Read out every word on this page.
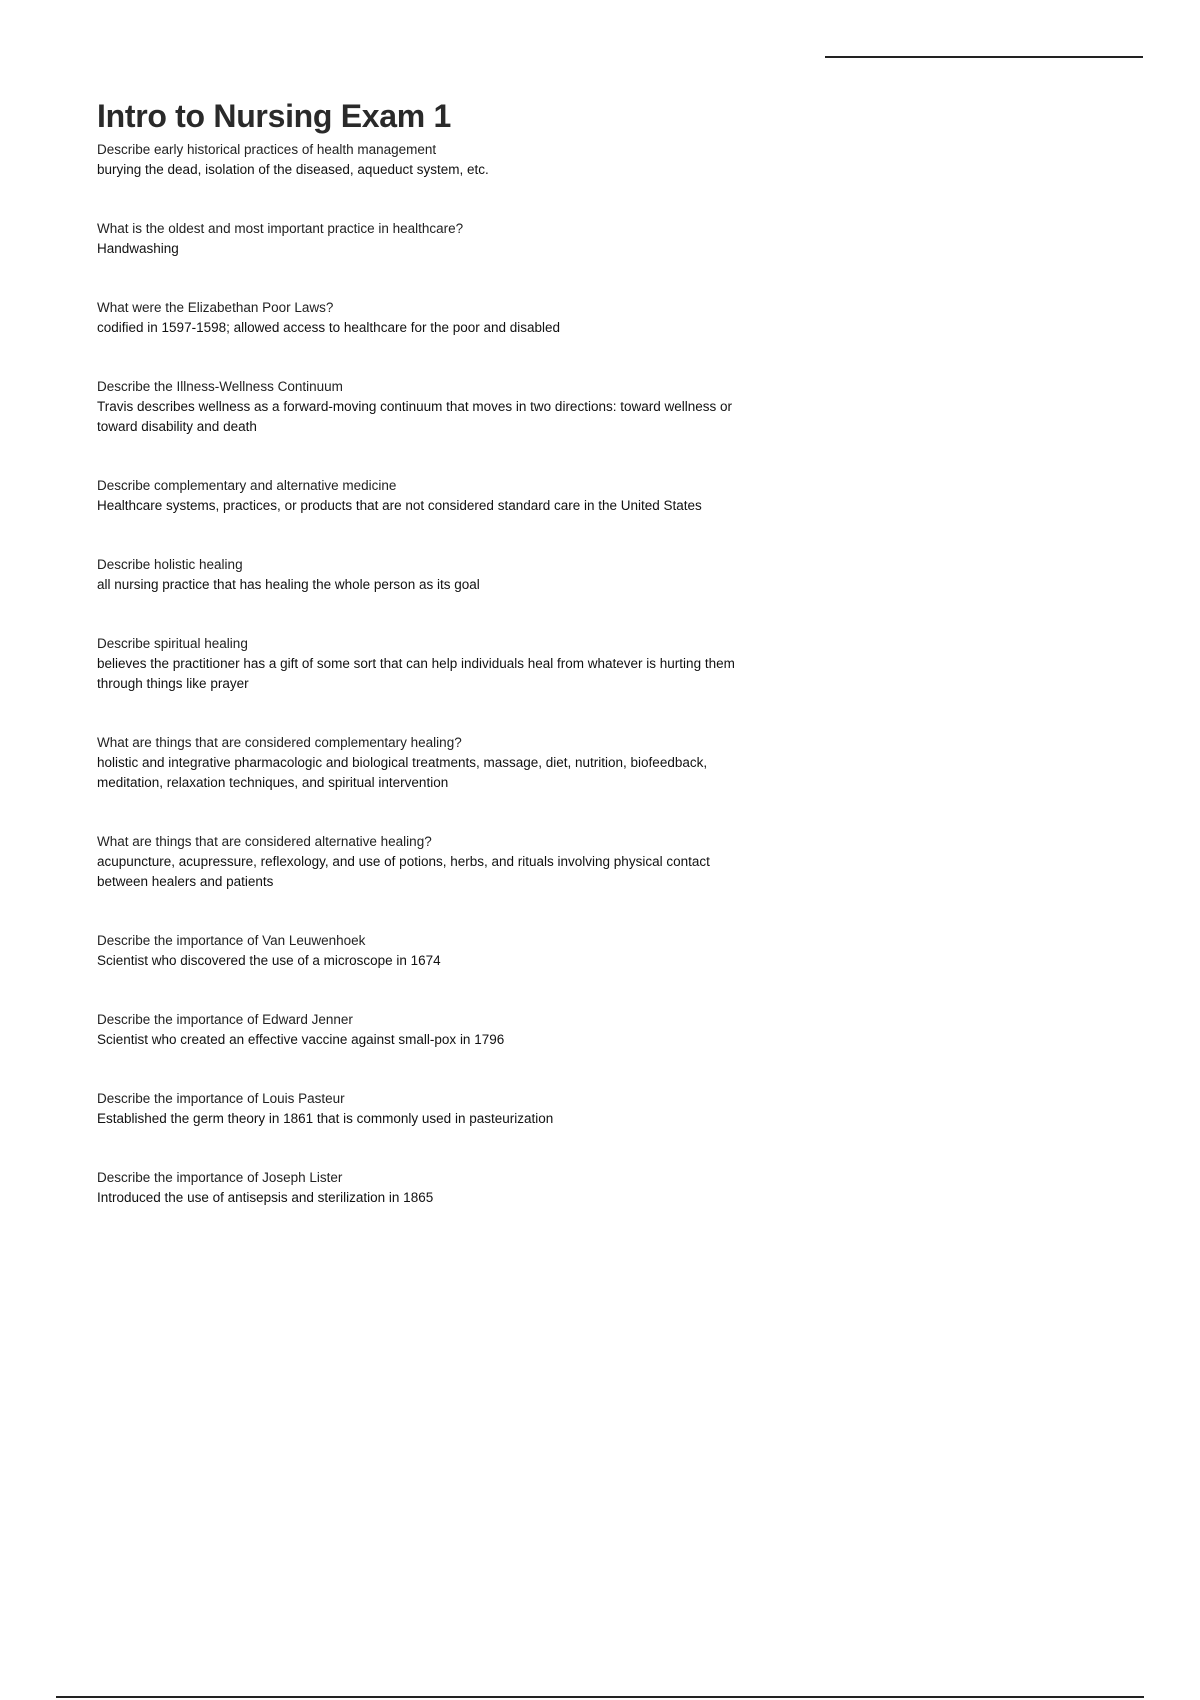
Intro to Nursing Exam 1
Describe early historical practices of health management
burying the dead, isolation of the diseased, aqueduct system, etc.
What is the oldest and most important practice in healthcare?
Handwashing
What were the Elizabethan Poor Laws?
codified in 1597-1598; allowed access to healthcare for the poor and disabled
Describe the Illness-Wellness Continuum
Travis describes wellness as a forward-moving continuum that moves in two directions: toward wellness or toward disability and death
Describe complementary and alternative medicine
Healthcare systems, practices, or products that are not considered standard care in the United States
Describe holistic healing
all nursing practice that has healing the whole person as its goal
Describe spiritual healing
believes the practitioner has a gift of some sort that can help individuals heal from whatever is hurting them through things like prayer
What are things that are considered complementary healing?
holistic and integrative pharmacologic and biological treatments, massage, diet, nutrition, biofeedback, meditation, relaxation techniques, and spiritual intervention
What are things that are considered alternative healing?
acupuncture, acupressure, reflexology, and use of potions, herbs, and rituals involving physical contact between healers and patients
Describe the importance of Van Leuwenhoek
Scientist who discovered the use of a microscope in 1674
Describe the importance of Edward Jenner
Scientist who created an effective vaccine against small-pox in 1796
Describe the importance of Louis Pasteur
Established the germ theory in 1861 that is commonly used in pasteurization
Describe the importance of Joseph Lister
Introduced the use of antisepsis and sterilization in 1865
